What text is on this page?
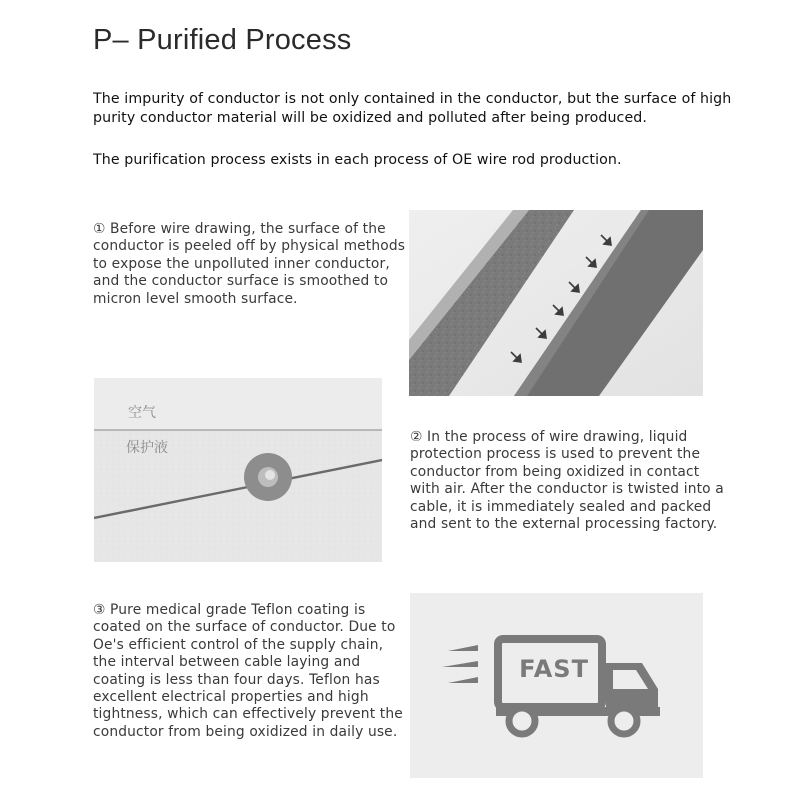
P– Purified Process

The impurity of conductor is not only contained in the conductor, but the surface of high purity conductor material will be oxidized and polluted after being produced.

The purification process exists in each process of OE wire rod production.

① Before wire drawing, the surface of the conductor is peeled off by physical methods to expose the unpolluted inner conductor, and the conductor surface is smoothed to micron level smooth surface.

空气
保护液

② In the process of wire drawing, liquid protection process is used to prevent the conductor from being oxidized in contact with air. After the conductor is twisted into a cable, it is immediately sealed and packed and sent to the external processing factory.

③ Pure medical grade Teflon coating is coated on the surface of conductor. Due to Oe's efficient control of the supply chain, the interval between cable laying and coating is less than four days. Teflon has excellent electrical properties and high tightness, which can effectively prevent the conductor from being oxidized in daily use.

FAST
